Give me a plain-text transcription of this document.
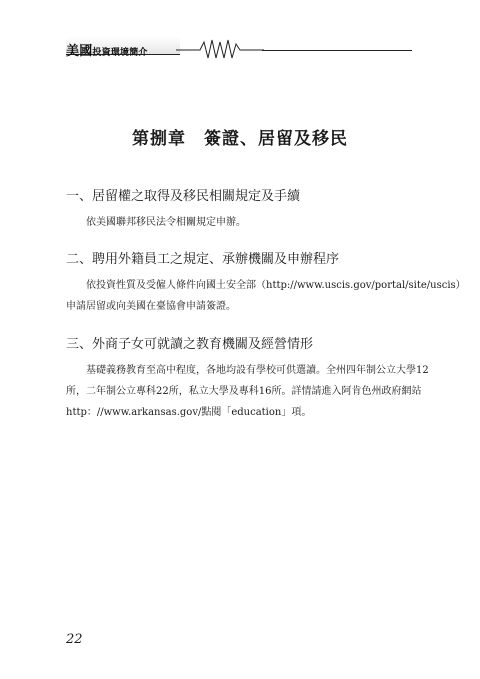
美國投資環境簡介
第捌章　簽證、居留及移民
一、居留權之取得及移民相關規定及手續
依美國聯邦移民法令相關規定申辦。
二、聘用外籍員工之規定、承辦機關及申辦程序
依投資性質及受僱人條件向國土安全部（http://www.uscis.gov/portal/site/uscis）
申請居留或向美國在臺協會申請簽證。
三、外商子女可就讀之教育機關及經營情形
基礎義務教育至高中程度，各地均設有學校可供選讀。全州四年制公立大學12
所，二年制公立專科22所，私立大學及專科16所。詳情請進入阿肯色州政府網站
http：//www.arkansas.gov/點閱「education」項。
22
